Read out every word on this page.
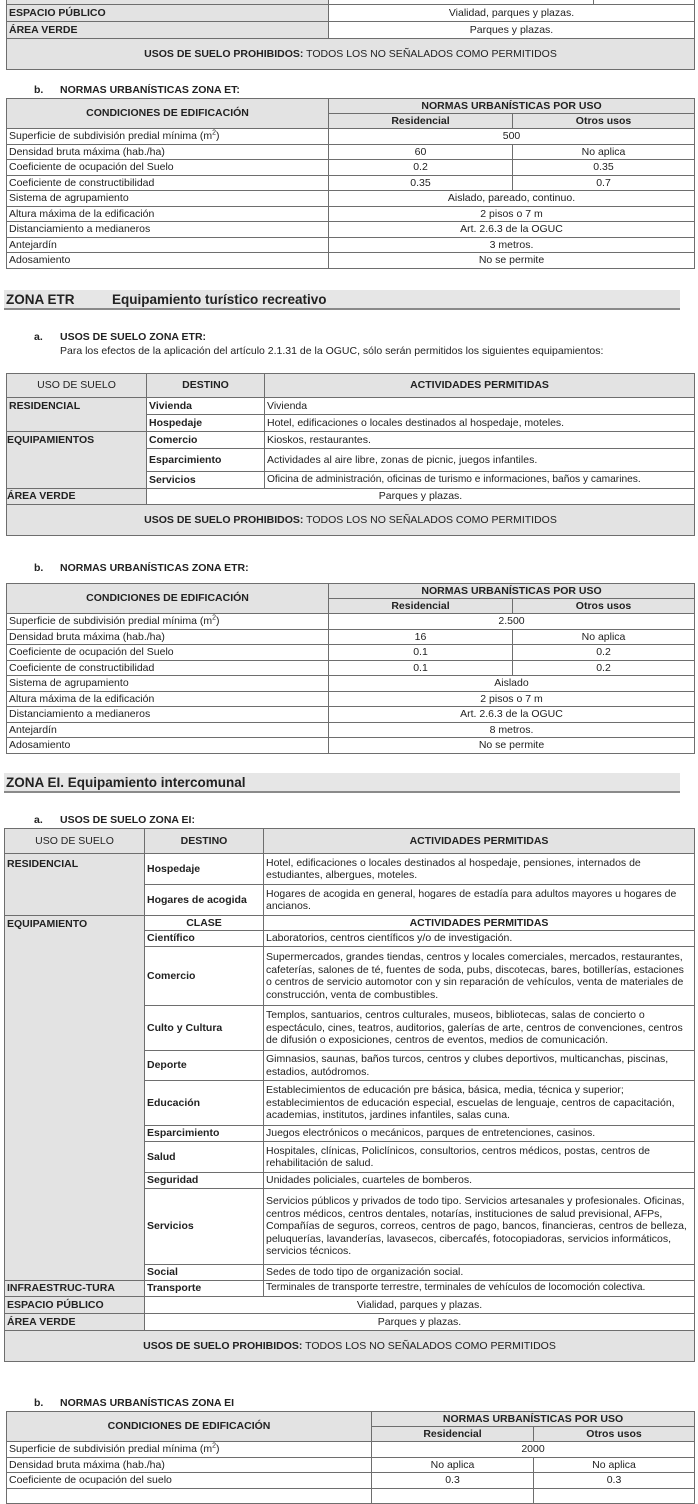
ESPACIO PÚBLICO	Vialidad, parques y plazas.	
ÁREA VERDE	Parques y plazas.	
USOS DE SUELO PROHIBIDOS: TODOS LOS NO SEÑALADOS COMO PERMITIDOS		
b. NORMAS URBANÍSTICAS ZONA ET:
CONDICIONES DE EDIFICACIÓN	NORMAS URBANÍSTICAS POR USO	
	Residencial	Otros usos
Superficie de subdivisión predial mínima $(m^2)$	500	
Densidad bruta máxima (hab./ha)	60	No aplica
Coeficiente de ocupación del Suelo	0.2	0.35
Coeficiente de constructibilidad	0.35	0.7
Sistema de agrupamiento	Aislado, pareado, continuo.	
Altura máxima de la edificación	2 pisos o 7 m	
Distanciamiento a medianeros	Art. 2.6.3 de la OGUC	
Antejardín	3 metros.	
Adosamiento	No se permite	
ZONA ETR	Equipamiento turístico recreativo
a. USOS DE SUELO ZONA ETR:
Para los efectos de la aplicación del artículo 2.1.31 de la OGUC, sólo serán permitidos los siguientes equipamientos:
USO DE SUELO	DESTINO	ACTIVIDADES PERMITIDAS
RESIDENCIAL	Vivienda	Vivienda
	Hospedaje	Hotel, edificaciones o locales destinados al hospedaje, moteles.
EQUIPAMIENTOS	Comercio	Kioskos, restaurantes.
	Esparcimiento	Actividades al aire libre, zonas de picnic, juegos infantiles.
	Servicios	Oficina de administración, oficinas de turismo e informaciones, baños y camarines.
ÁREA VERDE	Parques y plazas.	
USOS DE SUELO PROHIBIDOS: TODOS LOS NO SEÑALADOS COMO PERMITIDOS		
b. NORMAS URBANÍSTICAS ZONA ETR:
CONDICIONES DE EDIFICACIÓN	NORMAS URBANÍSTICAS POR USO	
	Residencial	Otros usos
Superficie de subdivisión predial mínima $(m^2)$	2.500	
Densidad bruta máxima (hab./ha)	16	No aplica
Coeficiente de ocupación del Suelo	0.1	0.2
Coeficiente de constructibilidad	0.1	0.2
Sistema de agrupamiento	Aislado	
Altura máxima de la edificación	2 pisos o 7 m	
Distanciamiento a medianeros	Art. 2.6.3 de la OGUC	
Antejardín	8 metros.	
Adosamiento	No se permite	
ZONA EI. Equipamiento intercomunal
a. USOS DE SUELO ZONA EI:
USO DE SUELO	DESTINO	ACTIVIDADES PERMITIDAS
RESIDENCIAL	Hospedaje	Hotel, edificaciones o locales destinados al hospedaje, pensiones, internados de estudiantes, albergues, moteles.
	Hogares de acogida	Hogares de acogida en general, hogares de estadía para adultos mayores u hogares de ancianos.
EQUIPAMIENTO	CLASE	ACTIVIDADES PERMITIDAS
	Científico	Laboratorios, centros científicos y/o de investigación.
	Comercio	Supermercados, grandes tiendas, centros y locales comerciales, mercados, restaurantes, cafeterías, salones de té, fuentes de soda, pubs, discotecas, bares, botillerías, estaciones o centros de servicio automotor con y sin reparación de vehículos, venta de materiales de construcción, venta de combustibles.
	Culto y Cultura	Templos, santuarios, centros culturales, museos, bibliotecas, salas de concierto o espectáculo, cines, teatros, auditorios, galerías de arte, centros de convenciones, centros de difusión o exposiciones, centros de eventos, medios de comunicación.
	Deporte	Gimnasios, saunas, baños turcos, centros y clubes deportivos, multicanchas, piscinas, estadios, autódromos.
	Educación	Establecimientos de educación pre básica, básica, media, técnica y superior; establecimientos de educación especial, escuelas de lenguaje, centros de capacitación, academias, institutos, jardines infantiles, salas cuna.
	Esparcimiento	Juegos electrónicos o mecánicos, parques de entretenciones, casinos.
	Salud	Hospitales, clínicas, Policlínicos, consultorios, centros médicos, postas, centros de rehabilitación de salud.
	Seguridad	Unidades policiales, cuarteles de bomberos.
	Servicios	Servicios públicos y privados de todo tipo. Servicios artesanales y profesionales. Oficinas, centros médicos, centros dentales, notarías, instituciones de salud previsional, AFPs, Compañías de seguros, correos, centros de pago, bancos, financieras, centros de belleza, peluquerías, lavanderías, lavasecos, cibercafés, fotocopiadoras, servicios informáticos, servicios técnicos.
	Social	Sedes de todo tipo de organización social.
INFRAESTRUC-TURA	Transporte	Terminales de transporte terrestre, terminales de vehículos de locomoción colectiva.
ESPACIO PÚBLICO	Vialidad, parques y plazas.	
ÁREA VERDE	Parques y plazas.	
USOS DE SUELO PROHIBIDOS: TODOS LOS NO SEÑALADOS COMO PERMITIDOS		
b. NORMAS URBANÍSTICAS ZONA EI
CONDICIONES DE EDIFICACIÓN	NORMAS URBANÍSTICAS POR USO	
	Residencial	Otros usos
Superficie de subdivisión predial mínima $(m^2)$	2000	
Densidad bruta máxima (hab./ha)	No aplica	No aplica
Coeficiente de ocupación del suelo	0.3	0.3
